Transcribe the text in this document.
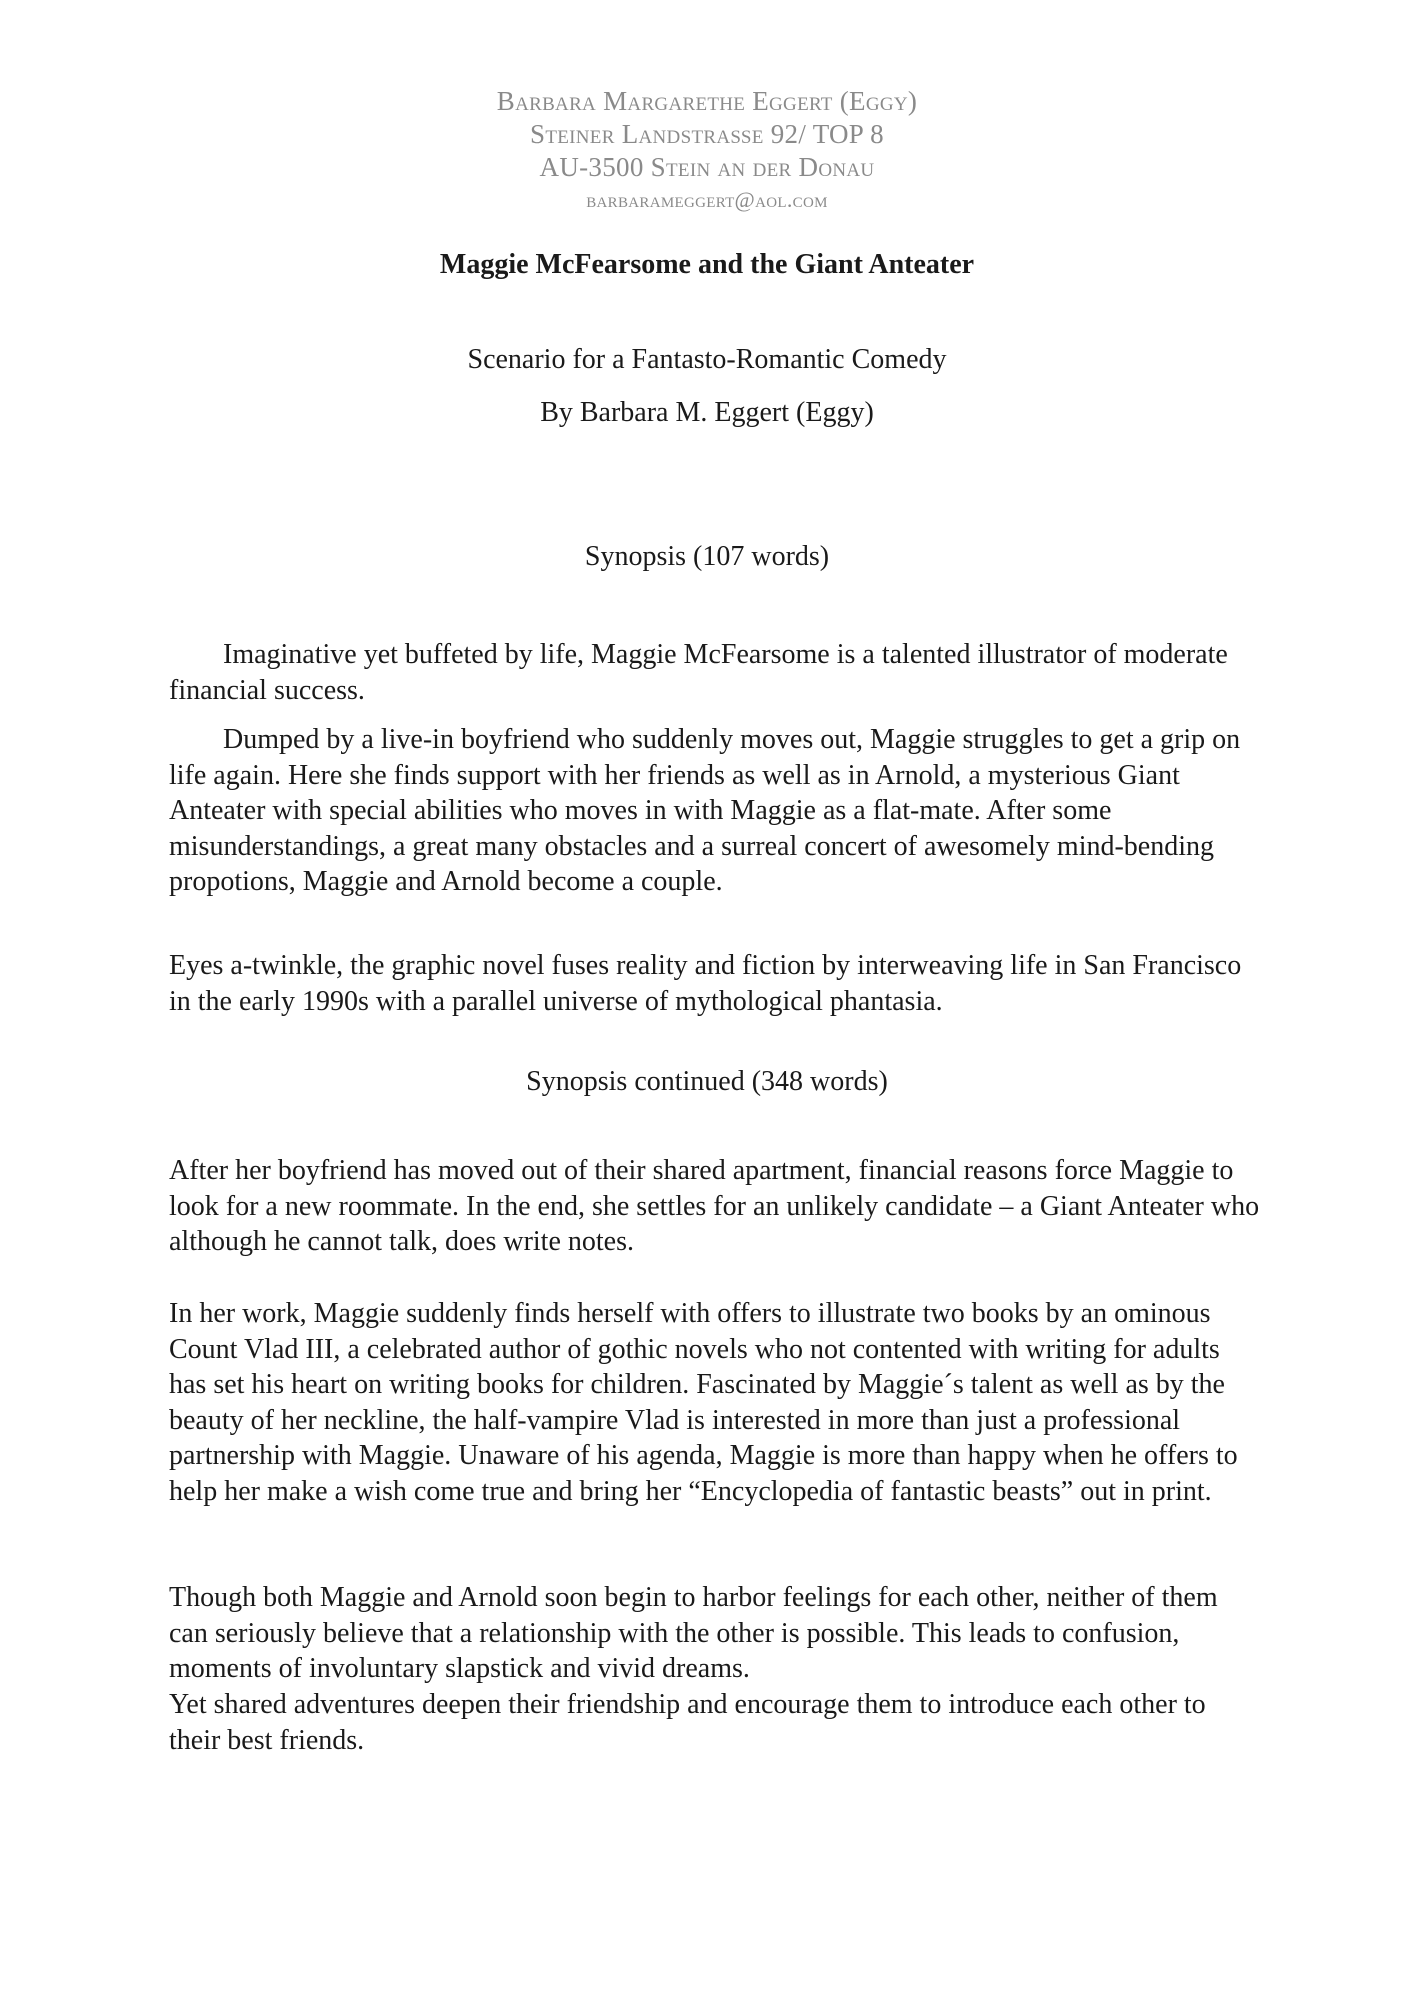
Barbara Margarethe Eggert (Eggy)
Steiner Landstraße 92/ TOP 8
AU-3500 Stein an der Donau
barbarameggert@aol.com
Maggie McFearsome and the Giant Anteater
Scenario for a Fantasto-Romantic Comedy
By Barbara M. Eggert (Eggy)
Synopsis (107 words)

Imaginative yet buffeted by life, Maggie McFearsome is a talented illustrator of moderate financial success.

Dumped by a live-in boyfriend who suddenly moves out, Maggie struggles to get a grip on life again. Here she finds support with her friends as well as in Arnold, a mysterious Giant Anteater with special abilities who moves in with Maggie as a flat-mate. After some misunderstandings, a great many obstacles and a surreal concert of awesomely mind-bending propotions, Maggie and Arnold become a couple.

Eyes a-twinkle, the graphic novel fuses reality and fiction by interweaving life in San Francisco in the early 1990s with a parallel universe of mythological phantasia.

Synopsis continued (348 words)

After her boyfriend has moved out of their shared apartment, financial reasons force Maggie to look for a new roommate. In the end, she settles for an unlikely candidate – a Giant Anteater who although he cannot talk, does write notes.

In her work, Maggie suddenly finds herself with offers to illustrate two books by an ominous Count Vlad III, a celebrated author of gothic novels who not contented with writing for adults has set his heart on writing books for children. Fascinated by Maggie´s talent as well as by the beauty of her neckline, the half-vampire Vlad is interested in more than just a professional partnership with Maggie. Unaware of his agenda, Maggie is more than happy when he offers to help her make a wish come true and bring her “Encyclopedia of fantastic beasts” out in print.

Though both Maggie and Arnold soon begin to harbor feelings for each other, neither of them can seriously believe that a relationship with the other is possible. This leads to confusion, moments of involuntary slapstick and vivid dreams.

Yet shared adventures deepen their friendship and encourage them to introduce each other to their best friends.
